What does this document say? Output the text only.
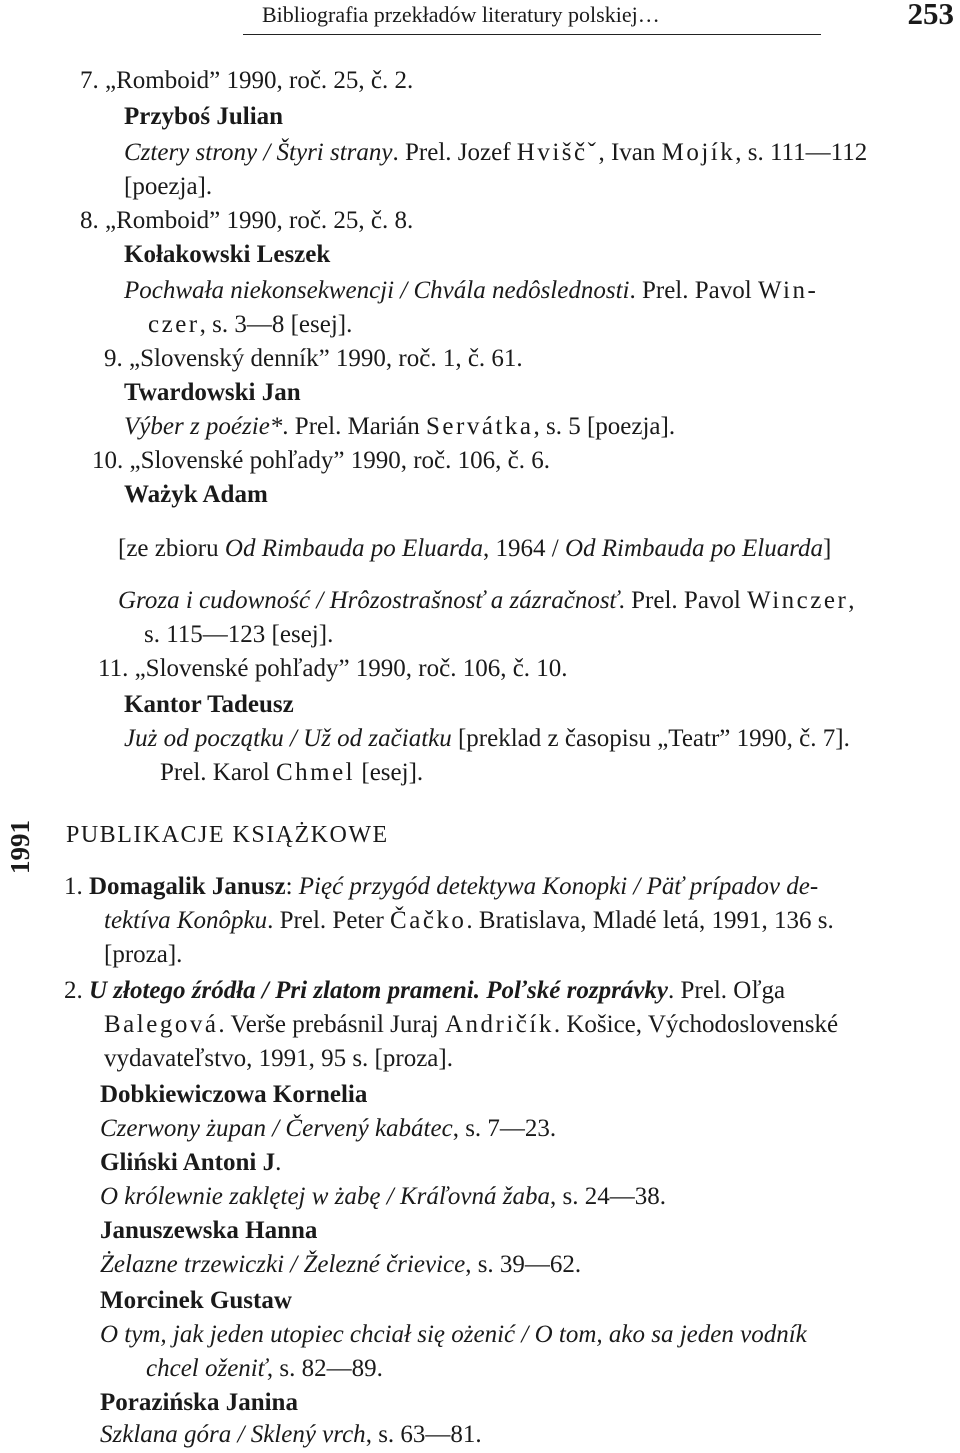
Bibliografia przekładów literatury polskiej…	253
1991
7. „Romboid” 1990, roč. 25, č. 2.
Przyboś Julian
Cztery strony / Štyri strany. Prel. Jozef Hviščˇ, Ivan Mojík, s. 111—112
[poezja].
8. „Romboid” 1990, roč. 25, č. 8.
Kołakowski Leszek
Pochwała niekonsekwencji / Chvála nedôslednosti. Prel. Pavol Win-
czer, s. 3—8 [esej].
9. „Slovenský denník” 1990, roč. 1, č. 61.
Twardowski Jan
Výber z poézie*. Prel. Marián Servátka, s. 5 [poezja].
10. „Slovenské pohľady” 1990, roč. 106, č. 6.
Ważyk Adam
[ze zbioru Od Rimbauda po Eluarda, 1964 / Od Rimbauda po Eluarda]
Groza i cudowność / Hrôzostrašnosť a zázračnosť. Prel. Pavol Winczer,
s. 115—123 [esej].
11. „Slovenské pohľady” 1990, roč. 106, č. 10.
Kantor Tadeusz
Już od początku / Už od začiatku [preklad z časopisu „Teatr” 1990, č. 7].
Prel. Karol Chmel [esej].
PUBLIKACJE KSIĄŻKOWE
1. Domagalik Janusz: Pięć przygód detektywa Konopki / Päť prípadov de-
tektíva Konôpku. Prel. Peter Čačko. Bratislava, Mladé letá, 1991, 136 s.
[proza].
2. U złotego źródła / Pri zlatom prameni. Poľské rozprávky. Prel. Oľga
Balegová. Verše prebásnil Juraj Andričík. Košice, Východoslovenské
vydavateľstvo, 1991, 95 s. [proza].
Dobkiewiczowa Kornelia
Czerwony żupan / Červený kabátec, s. 7—23.
Gliński Antoni J.
O królewnie zaklętej w żabę / Kráľovná žaba, s. 24—38.
Januszewska Hanna
Żelazne trzewiczki / Železné črievice, s. 39—62.
Morcinek Gustaw
O tym, jak jeden utopiec chciał się ożenić / O tom, ako sa jeden vodník
chcel oženiť, s. 82—89.
Porazińska Janina
Szklana góra / Sklený vrch, s. 63—81.
